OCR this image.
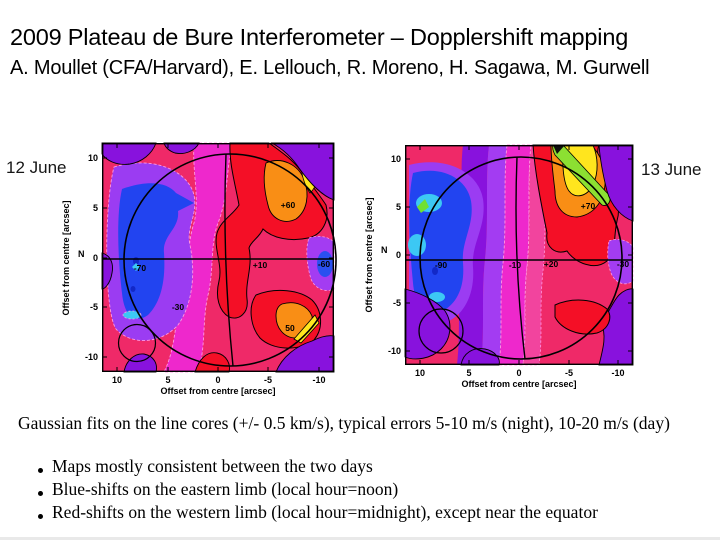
2009 Plateau de Bure Interferometer – Dopplershift mapping
A. Moullet (CFA/Harvard), E. Lellouch, R. Moreno, H. Sagawa, M. Gurwell
12 June	13 June
-70
-30
+10	-60
+60
50
10
5
0
-5
-10
10	5	0	-5	-10
Offset from centre [arcsec]
Offset from centre [arcsec] N
-90	-10	+20	-30
+70
10
5
0
-5
-10
10	5	0	-5	-10
Offset from centre [arcsec]
Offset from centre [arcsec] N
Gaussian fits on the line cores (+/- 0.5 km/s), typical errors 5-10 m/s (night), 10-20 m/s (day)
Maps mostly consistent between the two days
Blue-shifts on the eastern limb (local hour=noon)
Red-shifts on the western limb (local hour=midnight), except near the equator
